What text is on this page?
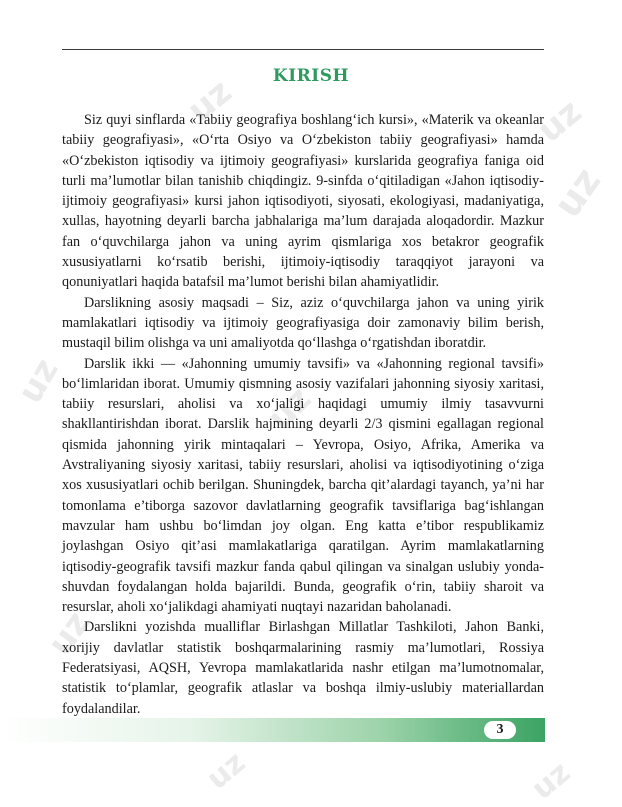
uz	uz
uz
uz	uz
uz
uz	uz
KIRISH

Siz quyi sinflarda «Tabiiy geografiya boshlang‘ich kursi», «Materik va okeanlar tabiiy geografiyasi», «O‘rta Osiyo va O‘zbekiston tabiiy geografiyasi» hamda «O‘zbekiston iqtisodiy va ijtimoiy geografiyasi» kurslarida geografiya faniga oid turli ma’lumotlar bilan tanishib chiqdingiz. 9-sinfda o‘qitiladigan «Jahon iqtisodiy-ijtimoiy geografiyasi» kursi jahon iqtisodiyoti, siyosati, ekologiyasi, madaniyatiga, xullas, hayotning deyarli barcha jabhalariga ma’lum darajada aloqadordir. Mazkur fan o‘quvchilarga jahon va uning ayrim qismlariga xos betakror geografik xususiyatlarni ko‘rsatib berishi, ijtimoiy-iqtisodiy taraqqiyot jarayoni va qonuniyatlari haqida batafsil ma’lumot berishi bilan ahamiyatlidir.

Darslikning asosiy maqsadi – Siz, aziz o‘quvchilarga jahon va uning yirik mamlakatlari iqtisodiy va ijtimoiy geografiyasiga doir zamonaviy bilim berish, mustaqil bilim olishga va uni amaliyotda qo‘llashga o‘rgatishdan iboratdir.

Darslik ikki — «Jahonning umumiy tavsifi» va «Jahonning regional tavsifi» bo‘limlaridan iborat. Umumiy qismning asosiy vazifalari jahonning siyosiy xaritasi, tabiiy resurslari, aholisi va xo‘jaligi haqidagi umumiy ilmiy tasavvurni shakllantirishdan iborat. Darslik hajmining deyarli 2/3 qismini egallagan regional qismida jahonning yirik mintaqalari – Yevropa, Osiyo, Afrika, Amerika va Avstraliyaning siyosiy xaritasi, tabiiy resurslari, aholisi va iqtisodiyotining o‘ziga xos xususiyatlari ochib berilgan. Shuningdek, barcha qit’alardagi tayanch, ya’ni har tomonlama e’tiborga sazovor davlatlarning geografik tavsiflariga bag‘ishlangan mavzular ham ushbu bo‘limdan joy olgan. Eng katta e’tibor respublikamiz joylashgan Osiyo qit’asi mamlakatlariga qaratilgan. Ayrim mamlakatlarning iqtisodiy-geografik tavsifi mazkur fanda qabul qilingan va sinalgan uslubiy yondashuvdan foydalangan holda bajarildi. Bunda, geografik o‘rin, tabiiy sharoit va resurslar, aholi xo‘jalikdagi ahamiyati nuqtayi nazaridan baholanadi.

Darslikni yozishda mualliflar Birlashgan Millatlar Tashkiloti, Jahon Banki, xorijiy davlatlar statistik boshqarmalarining rasmiy ma’lumotlari, Rossiya Federatsiyasi, AQSH, Yevropa mamlakatlarida nashr etilgan ma’lumotnomalar, statistik to‘plamlar, geografik atlaslar va boshqa ilmiy-uslubiy materiallardan foydalandilar.

3
